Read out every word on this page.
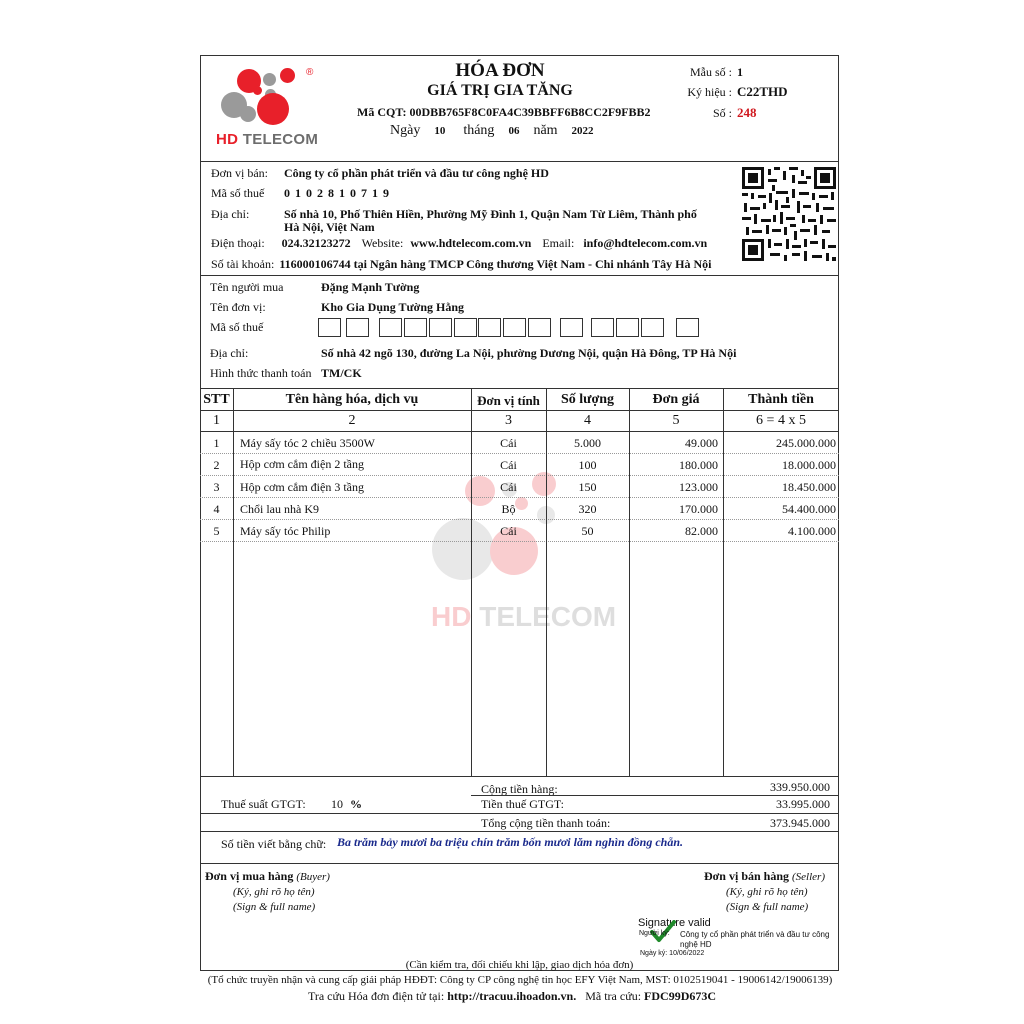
®
HD TELECOM
HÓA ĐƠN
GIÁ TRỊ GIA TĂNG
Mã CQT: 00DBB765F8C0FA4C39BBFF6B8CC2F9FBB2
Ngày 10 tháng 06 năm 2022
Mẫu số : 1
Ký hiệu : C22THD
Số : 248
Đơn vị bán: Công ty cổ phần phát triển và đầu tư công nghệ HD
Mã số thuế 0 1 0 2 8 1 0 7 1 9
Địa chỉ:	Số nhà 10, Phố Thiên Hiền, Phường Mỹ Đình 1, Quận Nam Từ Liêm, Thành phố
Hà Nội, Việt Nam
Điện thoại: 024.32123272 Website: www.hdtelecom.com.vn Email: info@hdtelecom.com.vn
Số tài khoản: 116000106744 tại Ngân hàng TMCP Công thương Việt Nam - Chi nhánh Tây Hà Nội
Tên người mua	Đặng Mạnh Tường
Tên đơn vị:	Kho Gia Dụng Tường Hằng
Mã số thuế
Địa chỉ:	Số nhà 42 ngõ 130, đường La Nội, phường Dương Nội, quận Hà Đông, TP Hà Nội
Hình thức thanh toán TM/CK
HD TELECOM
STT	Tên hàng hóa, dịch vụ	Đơn vị tính	Số lượng	Đơn giá	Thành tiền
1	2	3	4	5	6 = 4 x 5
1	Máy sấy tóc 2 chiều 3500W	Cái	5.000	49.000	245.000.000
2	Hộp cơm cắm điện 2 tầng	Cái	100	180.000	18.000.000
3	Hộp cơm cắm điện 3 tầng	Cái	150	123.000	18.450.000
4	Chổi lau nhà K9	Bộ	320	170.000	54.400.000
5	Máy sấy tóc Philip	Cái	50	82.000	4.100.000
Cộng tiền hàng:	339.950.000
Thuế suất GTGT: 10 %	Tiền thuế GTGT:	33.995.000
Tổng cộng tiền thanh toán:	373.945.000
Số tiền viết bằng chữ: Ba trăm bảy mươi ba triệu chín trăm bốn mươi lăm nghìn đồng chẵn.
Đơn vị mua hàng (Buyer)
(Ký, ghi rõ họ tên)
(Sign & full name)
Đơn vị bán hàng (Seller)
(Ký, ghi rõ họ tên)
(Sign & full name)
Signature valid
Người ký: Công ty cổ phần phát triển và đầu tư công
nghệ HD
Ngày ký: 10/06/2022
(Cần kiểm tra, đối chiếu khi lập, giao dịch hóa đơn)
(Tổ chức truyền nhận và cung cấp giải pháp HĐĐT: Công ty CP công nghệ tin học EFY Việt Nam, MST: 0102519041 - 19006142/19006139)
Tra cứu Hóa đơn điện tử tại: http://tracuu.ihoadon.vn. Mã tra cứu: FDC99D673C
